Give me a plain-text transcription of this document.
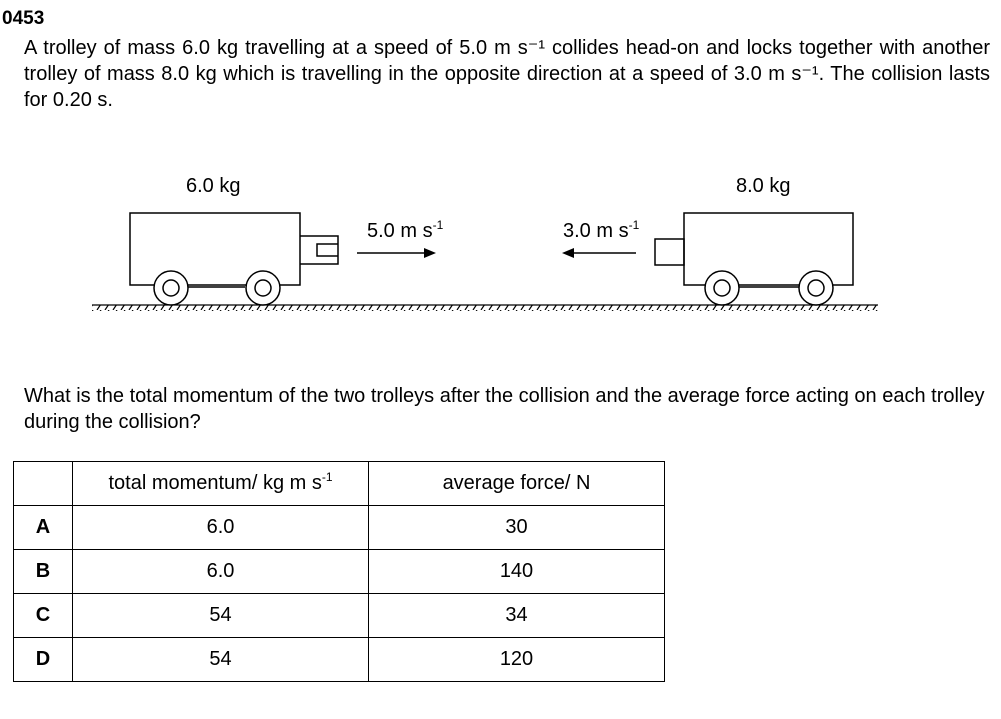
0453

A trolley of mass 6.0 kg travelling at a speed of 5.0 m s⁻¹ collides head-on and locks together with another trolley of mass 8.0 kg which is travelling in the opposite direction at a speed of 3.0 m s⁻¹. The collision lasts for 0.20 s.

6.0 kg	8.0 kg
5.0 m $s^{-1}$	3.0 m $s^{-1}$

What is the total momentum of the two trolleys after the collision and the average force acting on each trolley during the collision?

	total momentum/ kg m $s^{-1}$	average force/ N
A	6.0	30
B	6.0	140
C	54	34
D	54	120
